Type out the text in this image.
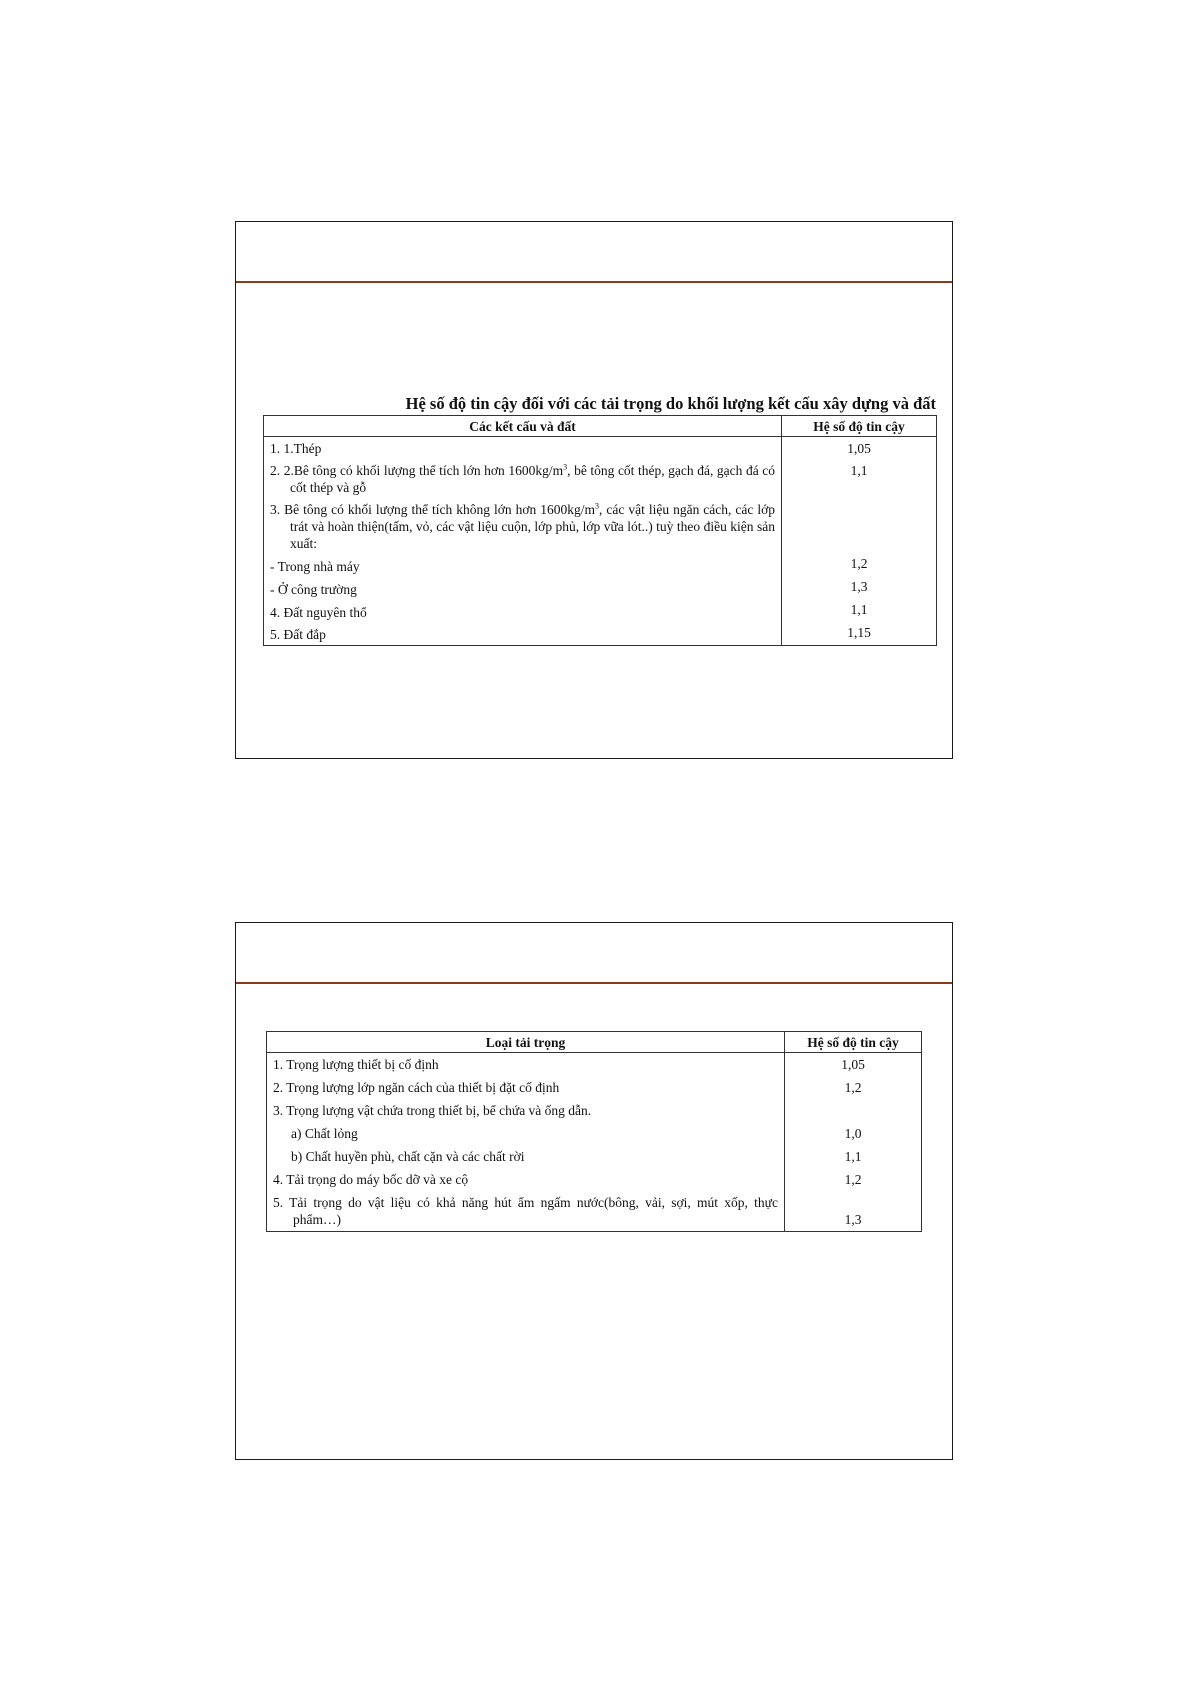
Hệ số độ tin cậy đối với các tải trọng do khối lượng kết cấu xây dựng và đất
Các kết cấu và đất	Hệ số độ tin cậy

1. 1.Thép	1,05

2. 2.Bê tông có khối lượng thể tích lớn hơn $1600kg/m^3$, bê tông cốt thép, gạch đá, gạch đá có cốt thép và gỗ	1,1

3. Bê tông có khối lượng thể tích không lớn hơn $1600kg/m^3$, các vật liệu ngăn cách, các lớp trát và hoàn thiện(tấm, vỏ, các vật liệu cuộn, lớp phủ, lớp vữa lót..) tuỳ theo điều kiện sản xuất:	

- Trong nhà máy	1,2

- Ở công trường	1,3

4. Đất nguyên thổ	1,1

5. Đất đắp	1,15
Loại tải trọng	Hệ số độ tin cậy

1. Trọng lượng thiết bị cố định	1,05

2. Trọng lượng lớp ngăn cách của thiết bị đặt cố định	1,2

3. Trọng lượng vật chứa trong thiết bị, bể chứa và ống dẫn.	

a) Chất lỏng	1,0

b) Chất huyền phù, chất cặn và các chất rời	1,1

4. Tải trọng do máy bốc dỡ và xe cộ	1,2

5. Tải trọng do vật liệu có khả năng hút ẩm ngấm nước(bông, vải, sợi, mút xốp, thực phẩm…)	1,3
